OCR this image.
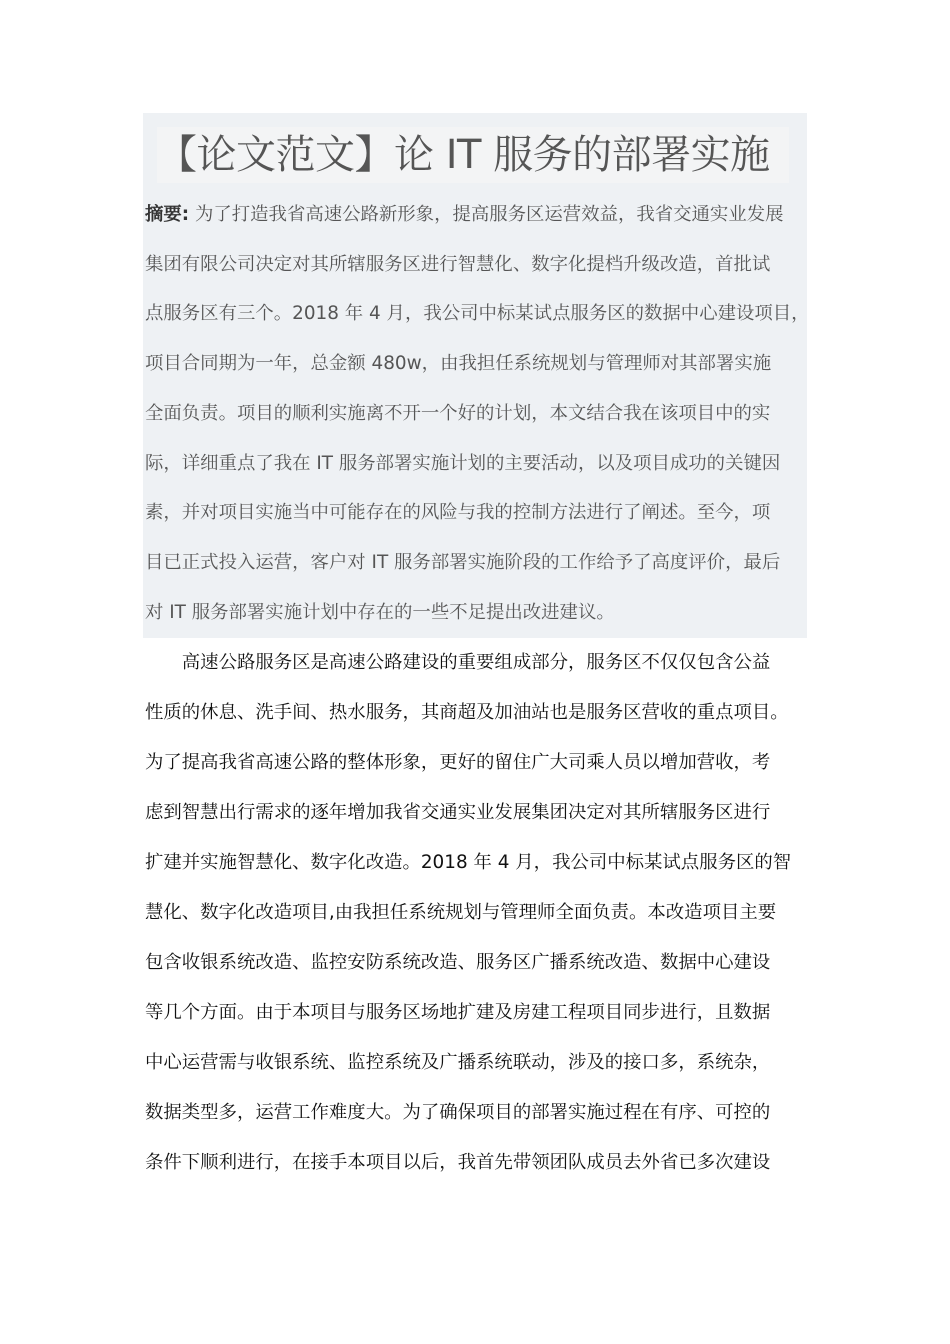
【论文范文】论 IT 服务的部署实施
摘要: 为了打造我省高速公路新形象，提高服务区运营效益，我省交通实业发展
集团有限公司决定对其所辖服务区进行智慧化、数字化提档升级改造，首批试
点服务区有三个。2018 年 4 月，我公司中标某试点服务区的数据中心建设项目，
项目合同期为一年，总金额 480w，由我担任系统规划与管理师对其部署实施
全面负责。项目的顺利实施离不开一个好的计划，本文结合我在该项目中的实
际，详细重点了我在 IT 服务部署实施计划的主要活动，以及项目成功的关键因
素，并对项目实施当中可能存在的风险与我的控制方法进行了阐述。至今，项
目已正式投入运营，客户对 IT 服务部署实施阶段的工作给予了高度评价，最后
对 IT 服务部署实施计划中存在的一些不足提出改进建议。
　　高速公路服务区是高速公路建设的重要组成部分，服务区不仅仅包含公益
性质的休息、洗手间、热水服务，其商超及加油站也是服务区营收的重点项目。
为了提高我省高速公路的整体形象，更好的留住广大司乘人员以增加营收，考
虑到智慧出行需求的逐年增加我省交通实业发展集团决定对其所辖服务区进行
扩建并实施智慧化、数字化改造。2018 年 4 月，我公司中标某试点服务区的智
慧化、数字化改造项目,由我担任系统规划与管理师全面负责。本改造项目主要
包含收银系统改造、监控安防系统改造、服务区广播系统改造、数据中心建设
等几个方面。由于本项目与服务区场地扩建及房建工程项目同步进行，且数据
中心运营需与收银系统、监控系统及广播系统联动，涉及的接口多，系统杂，
数据类型多，运营工作难度大。为了确保项目的部署实施过程在有序、可控的
条件下顺利进行，在接手本项目以后，我首先带领团队成员去外省已多次建设
